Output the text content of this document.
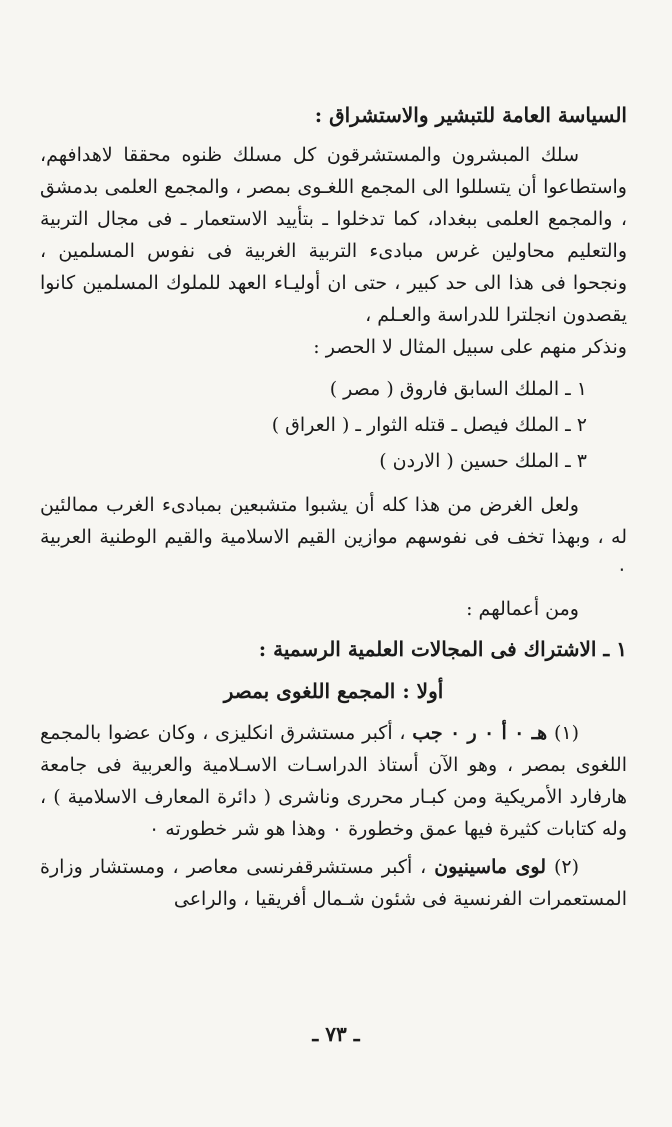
السياسة العامة للتبشير والاستشراق :

سلك المبشرون والمستشرقون كل مسلك ظنوه محققا لاهدافهم، واستطاعوا أن يتسللوا الى المجمع اللغـوى بمصر ، والمجمع العلمى بدمشق ، والمجمع العلمى ببغداد، كما تدخلوا ـ بتأييد الاستعمار ـ فى مجال التربية والتعليم محاولين غرس مبادىء التربية الغربية فى نفوس المسلمين ، ونجحوا فى هذا الى حد كبير ، حتى ان أوليـاء العهد للملوك المسلمين كانوا يقصدون انجلترا للدراسة والعـلم ،

ونذكر منهم على سبيل المثال لا الحصر :

١ ـ الملك السابق فاروق ( مصر )
٢ ـ الملك فيصل ـ قتله الثوار ـ ( العراق )
٣ ـ الملك حسين ( الاردن )

ولعل الغرض من هذا كله أن يشبوا متشبعين بمبادىء الغرب ممالئين له ، وبهذا تخف فى نفوسهم موازين القيم الاسلامية والقيم الوطنية العربية ٠

ومن أعمالهم :

١ ـ الاشتراك فى المجالات العلمية الرسمية :
أولا : المجمع اللغوى بمصر

(١) هـ ٠ أ ٠ ر ٠ جب ، أكبر مستشرق انكليزى ، وكان عضوا بالمجمع اللغوى بمصر ، وهو الآن أستاذ الدراسـات الاسـلامية والعربية فى جامعة هارفارد الأمريكية ومن كبـار محررى وناشرى ( دائرة المعارف الاسلامية ) ، وله كتابات كثيرة فيها عمق وخطورة ٠ وهذا هو شر خطورته ٠

(٢) لوى ماسينيون ، أكبر مستشرقفرنسى معاصر ، ومستشار وزارة المستعمرات الفرنسية فى شئون شـمال أفريقيا ، والراعى

ـ ٧٣ ـ
